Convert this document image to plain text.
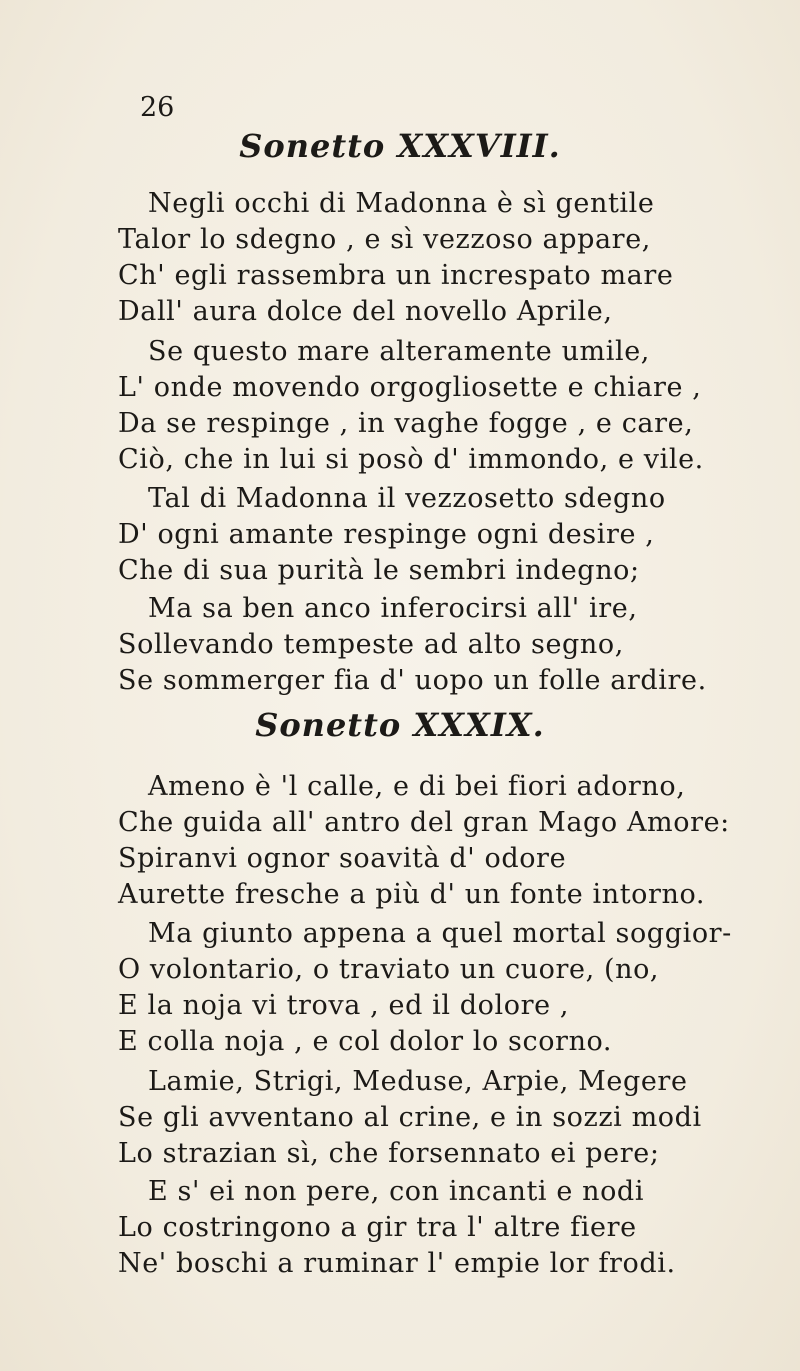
26
Sonetto XXXVIII.
Negli occhi di Madonna è sì gentile
Talor lo sdegno , e sì vezzoso appare,
Ch' egli rassembra un increspato mare
Dall' aura dolce del novello Aprile,
Se questo mare alteramente umile,
L' onde movendo orgogliosette e chiare ,
Da se respinge , in vaghe fogge , e care,
Ciò, che in lui si posò d' immondo, e vile.
Tal di Madonna il vezzosetto sdegno
D' ogni amante respinge ogni desire ,
Che di sua purità le sembri indegno;
Ma sa ben anco inferocirsi all' ire,
Sollevando tempeste ad alto segno,
Se sommerger fia d' uopo un folle ardire.
Sonetto XXXIX.
Ameno è 'l calle, e di bei fiori adorno,
Che guida all' antro del gran Mago Amore:
Spiranvi ognor soavità d' odore
Aurette fresche a più d' un fonte intorno.
Ma giunto appena a quel mortal soggior-
O volontario, o traviato un cuore, (no,
E la noja vi trova , ed il dolore ,
E colla noja , e col dolor lo scorno.
Lamie, Strigi, Meduse, Arpie, Megere
Se gli avventano al crine, e in sozzi modi
Lo strazian sì, che forsennato ei pere;
E s' ei non pere, con incanti e nodi
Lo costringono a gir tra l' altre fiere
Ne' boschi a ruminar l' empie lor frodi.
